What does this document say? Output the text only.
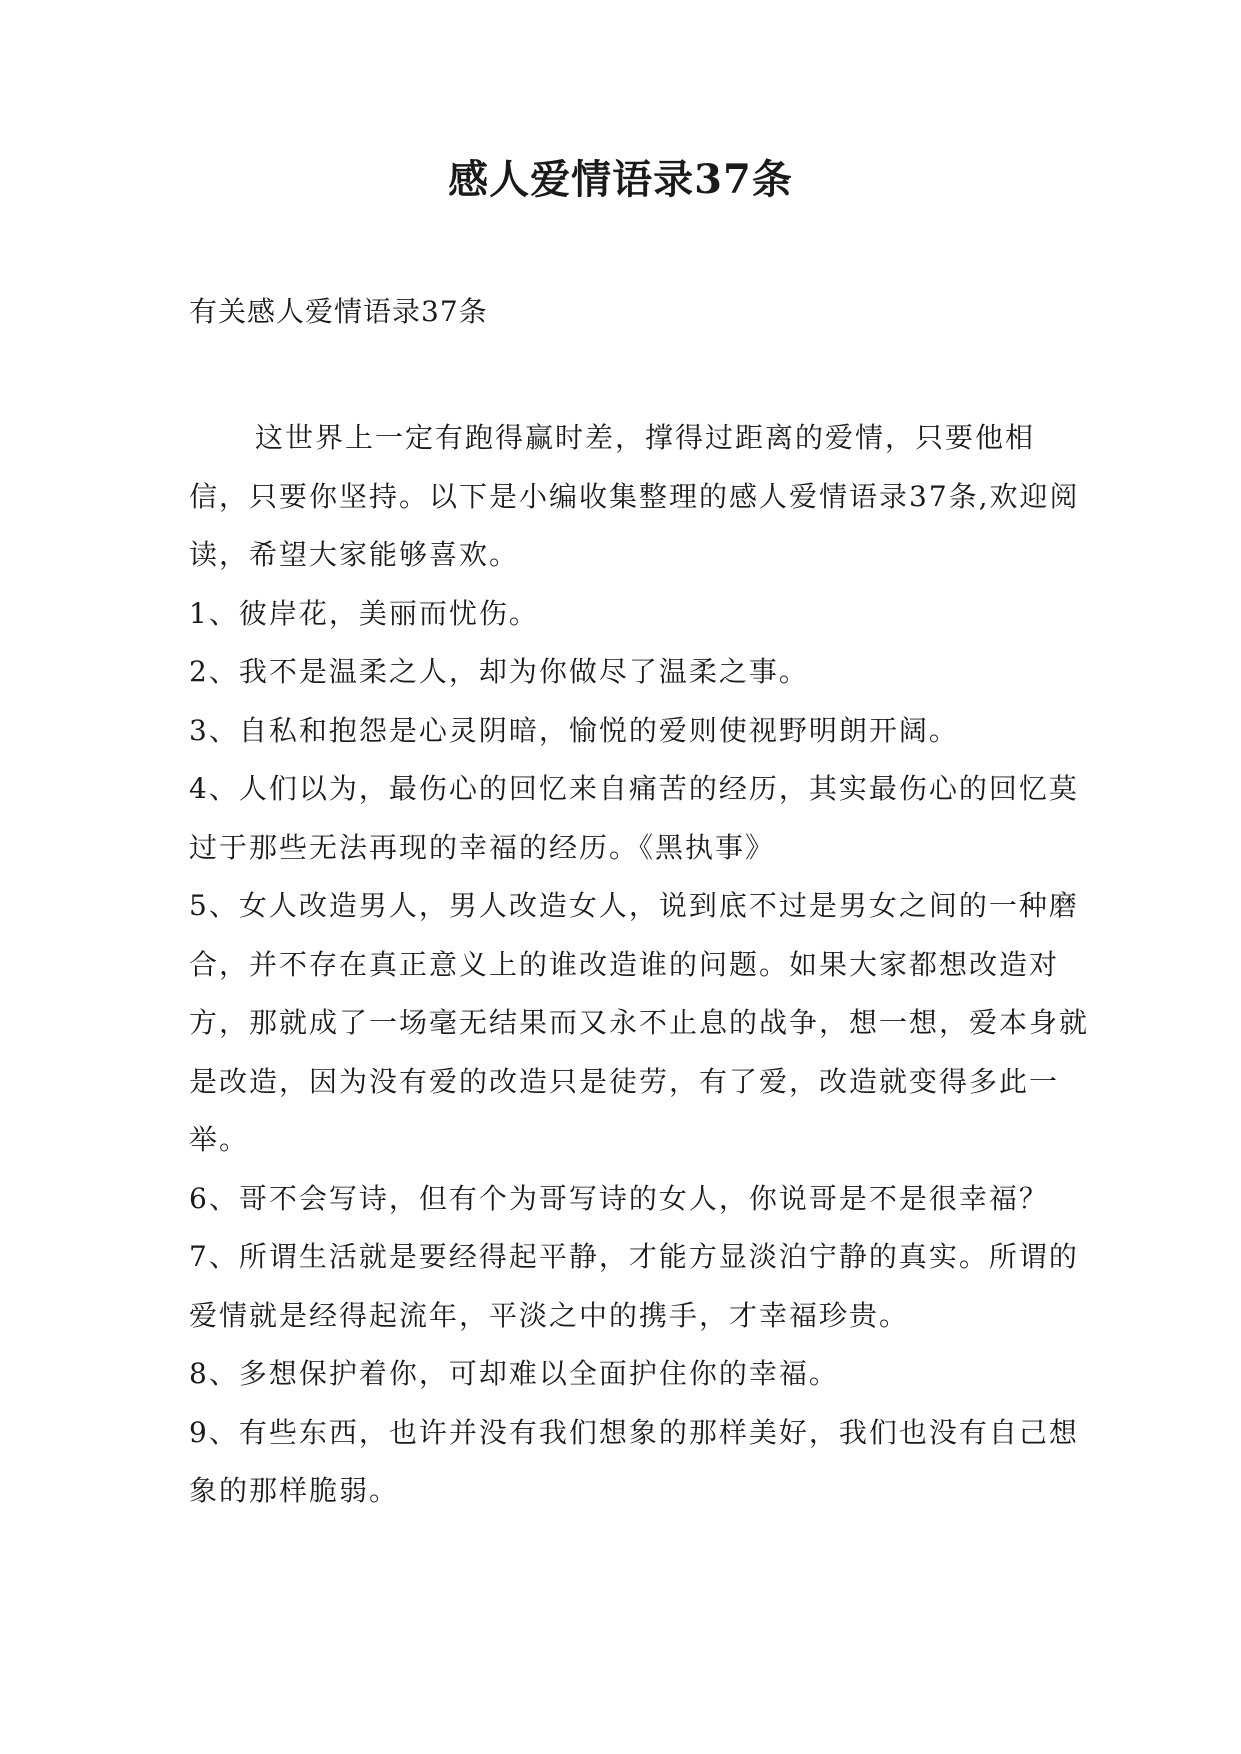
感人爱情语录37条

有关感人爱情语录37条

这世界上一定有跑得赢时差，撑得过距离的爱情，只要他相信，只要你坚持。以下是小编收集整理的感人爱情语录37条,欢迎阅读，希望大家能够喜欢。

1、彼岸花，美丽而忧伤。

2、我不是温柔之人，却为你做尽了温柔之事。

3、自私和抱怨是心灵阴暗，愉悦的爱则使视野明朗开阔。

4、人们以为，最伤心的回忆来自痛苦的经历，其实最伤心的回忆莫过于那些无法再现的幸福的经历。《黑执事》

5、女人改造男人，男人改造女人，说到底不过是男女之间的一种磨合，并不存在真正意义上的谁改造谁的问题。如果大家都想改造对方，那就成了一场毫无结果而又永不止息的战争，想一想，爱本身就是改造，因为没有爱的改造只是徒劳，有了爱，改造就变得多此一举。

6、哥不会写诗，但有个为哥写诗的女人，你说哥是不是很幸福？

7、所谓生活就是要经得起平静，才能方显淡泊宁静的真实。所谓的爱情就是经得起流年，平淡之中的携手，才幸福珍贵。

8、多想保护着你，可却难以全面护住你的幸福。

9、有些东西，也许并没有我们想象的那样美好，我们也没有自己想象的那样脆弱。
